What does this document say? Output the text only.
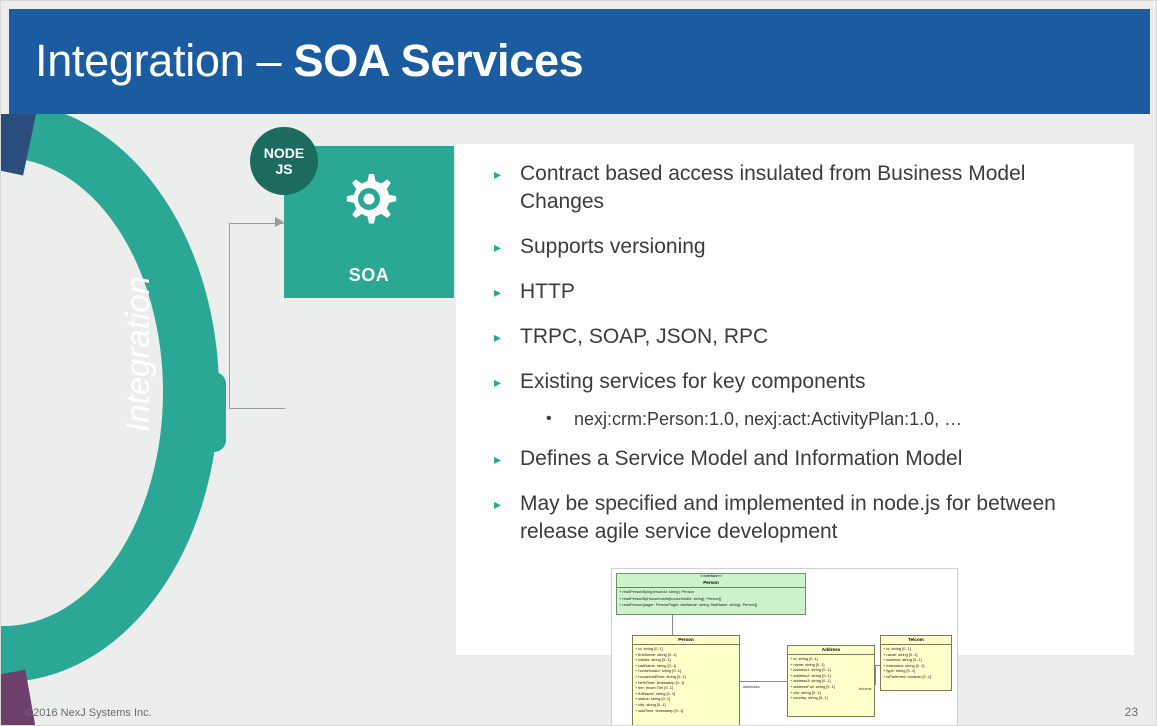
Integration – SOA Services
Integration
SOA
NODE
JS	▸ Contract based access insulated from Business Model Changes
▸ Supports versioning
▸ HTTP
▸ TRPC, SOAP, JSON, RPC
▸ Existing services for key components
•	nexj:crm:Person:1.0, nexj:act:ActivityPlan:1.0, …
▸ Defines a Service Model and Information Model
▸ May be specified and implemented in node.js for between release agile service development
<<interface>>
Person
+ readPersonById(personId: string): Person
+ readPersonByHouseholdId(householdId: string): Person[]
+ readPerson(pager: PersonPager, lastName: string, firstName: string): Person[]
Person
+ id: string [0..1]
+ firstName: string [0..1]
+ initials: string [0..1]
+ lastName: string [0..1]
+ householdId: string [0..1]
+ householdRole: string [0..1]
+ birthTime: timestamp [0..1]
+ tier: enum:Tier [0..1]
+ fullName: string [0..1]
+ status: string [0..1]
+ city: string [0..1]
+ addTime: timestamp [0..1]
Address
+ id: string [0..1]
+ name: string [0..1]
+ address1: string [0..1]
+ address2: string [0..1]
+ address3: string [0..1]
+ addressFull: string [0..1]
+ city: string [0..1]
+ country: string [0..1]
Telcom
+ id: string [0..1]
+ name: string [0..1]
+ address: string [0..1]
+ extension: string [0..1]
+ type: string [0..1]
+ isPreferred: boolean [0..1]
addresses	telcoms
©2016 NexJ Systems Inc.	23
